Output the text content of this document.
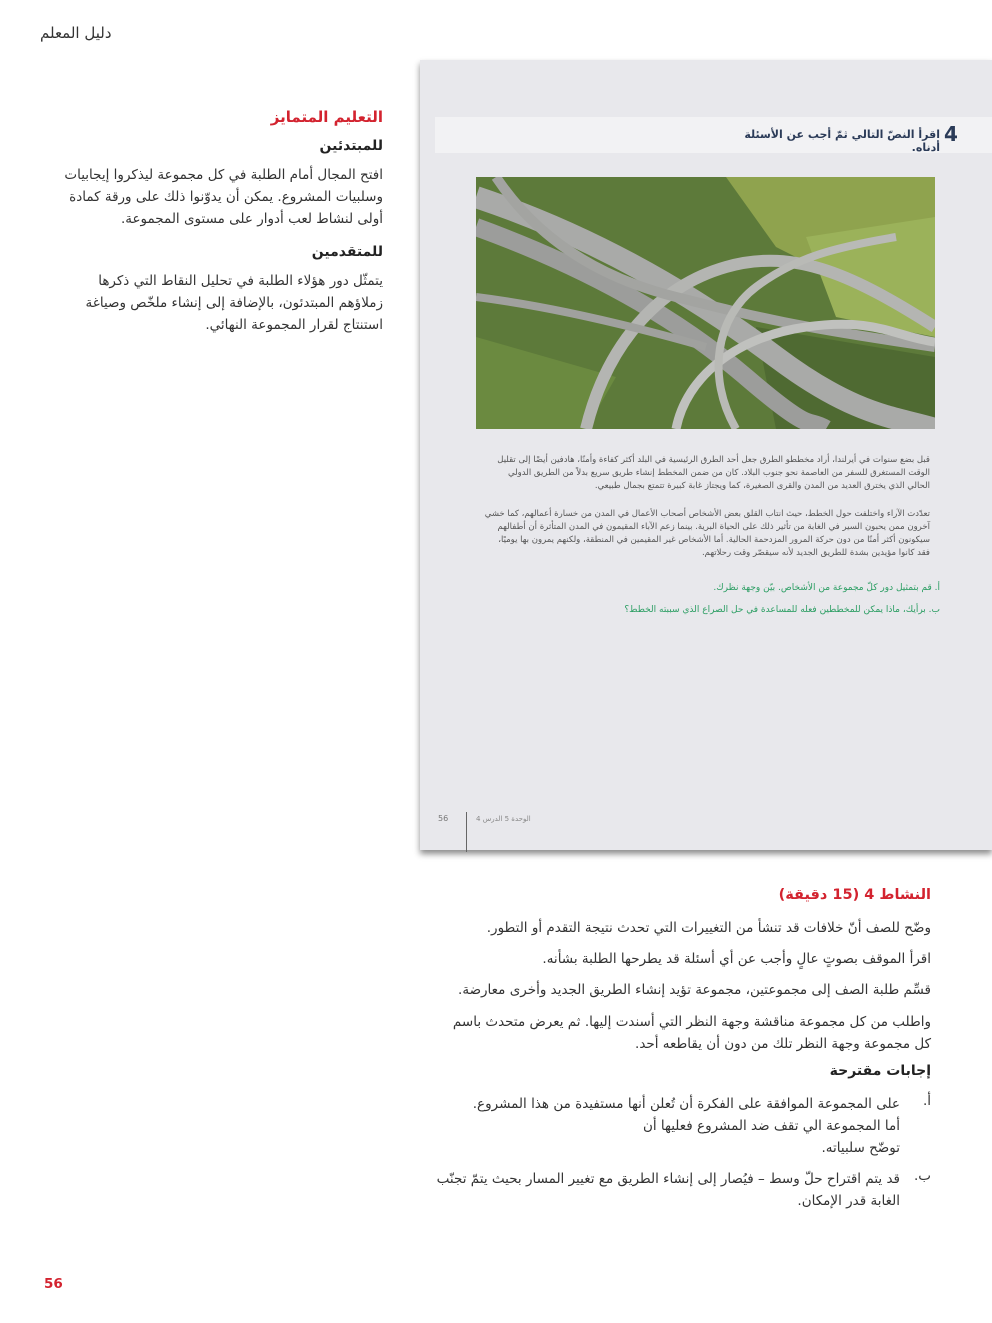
دليل المعلم

التعليم المتمايز

للمبتدئين

افتح المجال أمام الطلبة في كل مجموعة ليذكروا إيجابيات وسلبيات المشروع. يمكن أن يدوّنوا ذلك على ورقة كمادة أولى لنشاط لعب أدوار على مستوى المجموعة.

للمتقدمين

يتمثّل دور هؤلاء الطلبة في تحليل النقاط التي ذكرها زملاؤهم المبتدئون، بالإضافة إلى إنشاء ملخّص وصياغة استنتاج لقرار المجموعة النهائي.

4
اقرأ النصّ التالي ثمّ أجب عن الأسئلة أدناه.
قبل بضع سنوات في أيرلندا، أراد مخططو الطرق جعل أحد الطرق الرئيسية في البلد أكثر كفاءة وأمنًا، هادفين أيضًا إلى تقليل الوقت المستغرق للسفر من العاصمة نحو جنوب البلاد. كان من ضمن المخطط إنشاء طريق سريع بدلاً من الطريق الدولي الحالي الذي يخترق العديد من المدن والقرى الصغيرة، كما ويجتاز غابة كبيرة تتمتع بجمال طبيعي.
تعدّدت الآراء واختلفت حول الخطط، حيث انتاب القلق بعض الأشخاص أصحاب الأعمال في المدن من خسارة أعمالهم، كما خشي آخرون ممن يحبون السير في الغابة من تأثير ذلك على الحياة البرية. بينما زعم الآباء المقيمون في المدن المتأثرة أن أطفالهم سيكونون أكثر أمنًا من دون حركة المرور المزدحمة الحالية. أما الأشخاص غير المقيمين في المنطقة، ولكنهم يمرون بها يوميًا، فقد كانوا مؤيدين بشدة للطريق الجديد لأنه سيقصّر وقت رحلاتهم.
أ. قم بتمثيل دور كلّ مجموعة من الأشخاص. بيّن وجهة نظرك.
ب. برأيك، ماذا يمكن للمخططين فعله للمساعدة في حل الصراع الذي سببته الخطط؟
56	الوحدة 5 الدرس 4
النشاط 4 (15 دقيقة)

وضّح للصف أنّ خلافات قد تنشأ من التغييرات التي تحدث نتيجة التقدم أو التطور.

اقرأ الموقف بصوتٍ عالٍ وأجب عن أي أسئلة قد يطرحها الطلبة بشأنه.

قسِّم طلبة الصف إلى مجموعتين، مجموعة تؤيد إنشاء الطريق الجديد وأخرى معارضة.

واطلب من كل مجموعة مناقشة وجهة النظر التي أسندت إليها. ثم يعرض متحدث باسم كل مجموعة وجهة النظر تلك من دون أن يقاطعه أحد.

إجابات مقترحة
أ.
على المجموعة الموافقة على الفكرة أن تُعلن أنها مستفيدة من هذا المشروع.
أما المجموعة الي تقف ضد المشروع فعليها أن
توضّح سلبياته.
ب.
قد يتم اقتراح حلّ وسط – فيُصار إلى إنشاء الطريق مع تغيير المسار بحيث يتمّ تجنّب الغابة قدر الإمكان.
56
